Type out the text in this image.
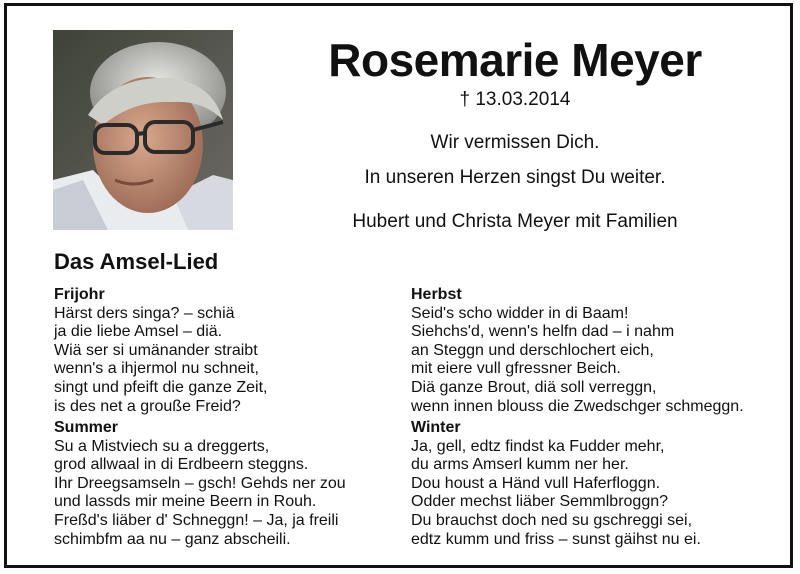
Rosemarie Meyer
† 13.03.2014
Wir vermissen Dich.
In unseren Herzen singst Du weiter.
Hubert und Christa Meyer mit Familien
Das Amsel-Lied
Frijohr
Härst ders singa? – schiä
ja die liebe Amsel – diä.
Wiä ser si umänander straibt
wenn's a ihjermol nu schneit,
singt und pfeift die ganze Zeit,
is des net a grouße Freid?
Summer
Su a Mistviech su a dreggerts,
grod allwaal in di Erdbeern steggns.
Ihr Dreegsamseln – gsch! Gehds ner zou
und lassds mir meine Beern in Rouh.
Freßd's liäber d' Schneggn! – Ja, ja freili
schimbfm aa nu – ganz abscheili.
Herbst
Seid's scho widder in di Baam!
Siehchs'd, wenn's helfn dad – i nahm
an Steggn und derschlochert eich,
mit eiere vull gfressner Beich.
Diä ganze Brout, diä soll verreggn,
wenn innen blouss die Zwedschger schmeggn.
Winter
Ja, gell, edtz findst ka Fudder mehr,
du arms Amserl kumm ner her.
Dou houst a Händ vull Haferfloggn.
Odder mechst liäber Semmlbroggn?
Du brauchst doch ned su gschreggi sei,
edtz kumm und friss – sunst gäihst nu ei.
